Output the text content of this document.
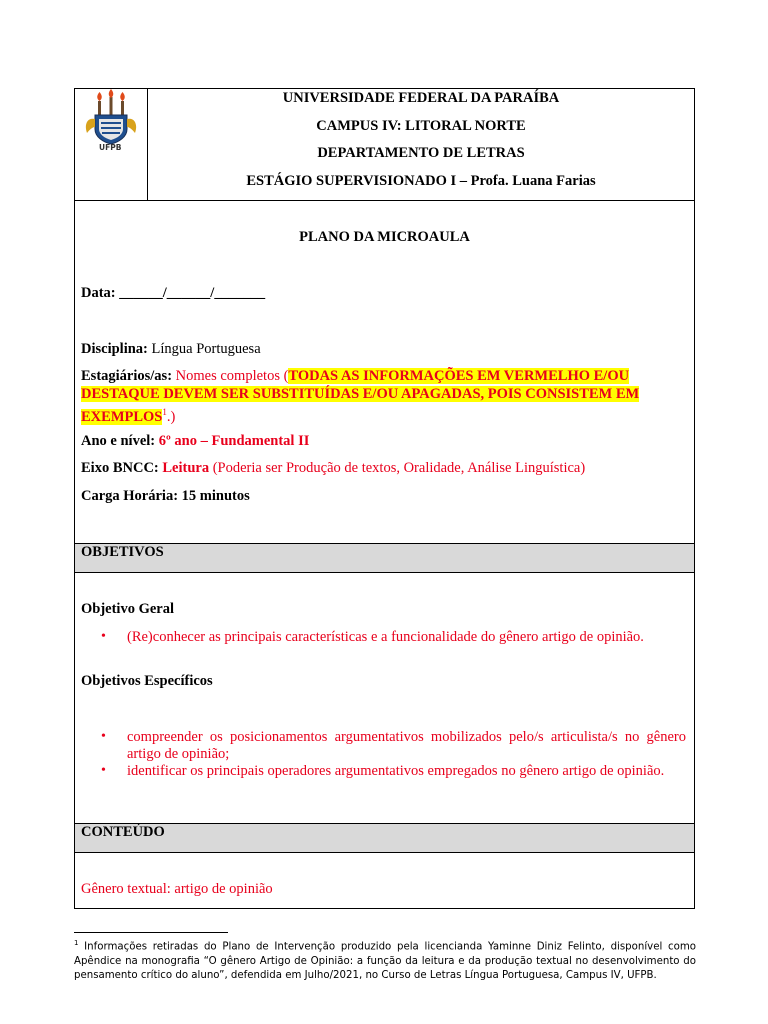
UFPB
UNIVERSIDADE FEDERAL DA PARAÍBA
CAMPUS IV: LITORAL NORTE
DEPARTAMENTO DE LETRAS
ESTÁGIO SUPERVISIONADO I – Profa. Luana Farias
PLANO DA MICROAULA
Data: ______/______/_______
Disciplina: Língua Portuguesa
Estagiários/as: Nomes completos (TODAS AS INFORMAÇÕES EM VERMELHO E/OU
DESTAQUE DEVEM SER SUBSTITUÍDAS E/OU APAGADAS, POIS CONSISTEM EM
EXEMPLOS$^1$.)
Ano e nível: 6º ano – Fundamental II
Eixo BNCC: Leitura (Poderia ser Produção de textos, Oralidade, Análise Linguística)
Carga Horária: 15 minutos
OBJETIVOS
Objetivo Geral
•	(Re)conhecer as principais características e a funcionalidade do gênero artigo de opinião.
Objetivos Específicos
•	compreender os posicionamentos argumentativos mobilizados pelo/s articulista/s no gênero artigo de opinião;
•	identificar os principais operadores argumentativos empregados no gênero artigo de opinião.
CONTEÚDO
Gênero textual: artigo de opinião
$^1$ Informações retiradas do Plano de Intervenção produzido pela licencianda Yaminne Diniz Felinto, disponível como Apêndice na monografia “O gênero Artigo de Opinião: a função da leitura e da produção textual no desenvolvimento do pensamento crítico do aluno”, defendida em Julho/2021, no Curso de Letras Língua Portuguesa, Campus IV, UFPB.
